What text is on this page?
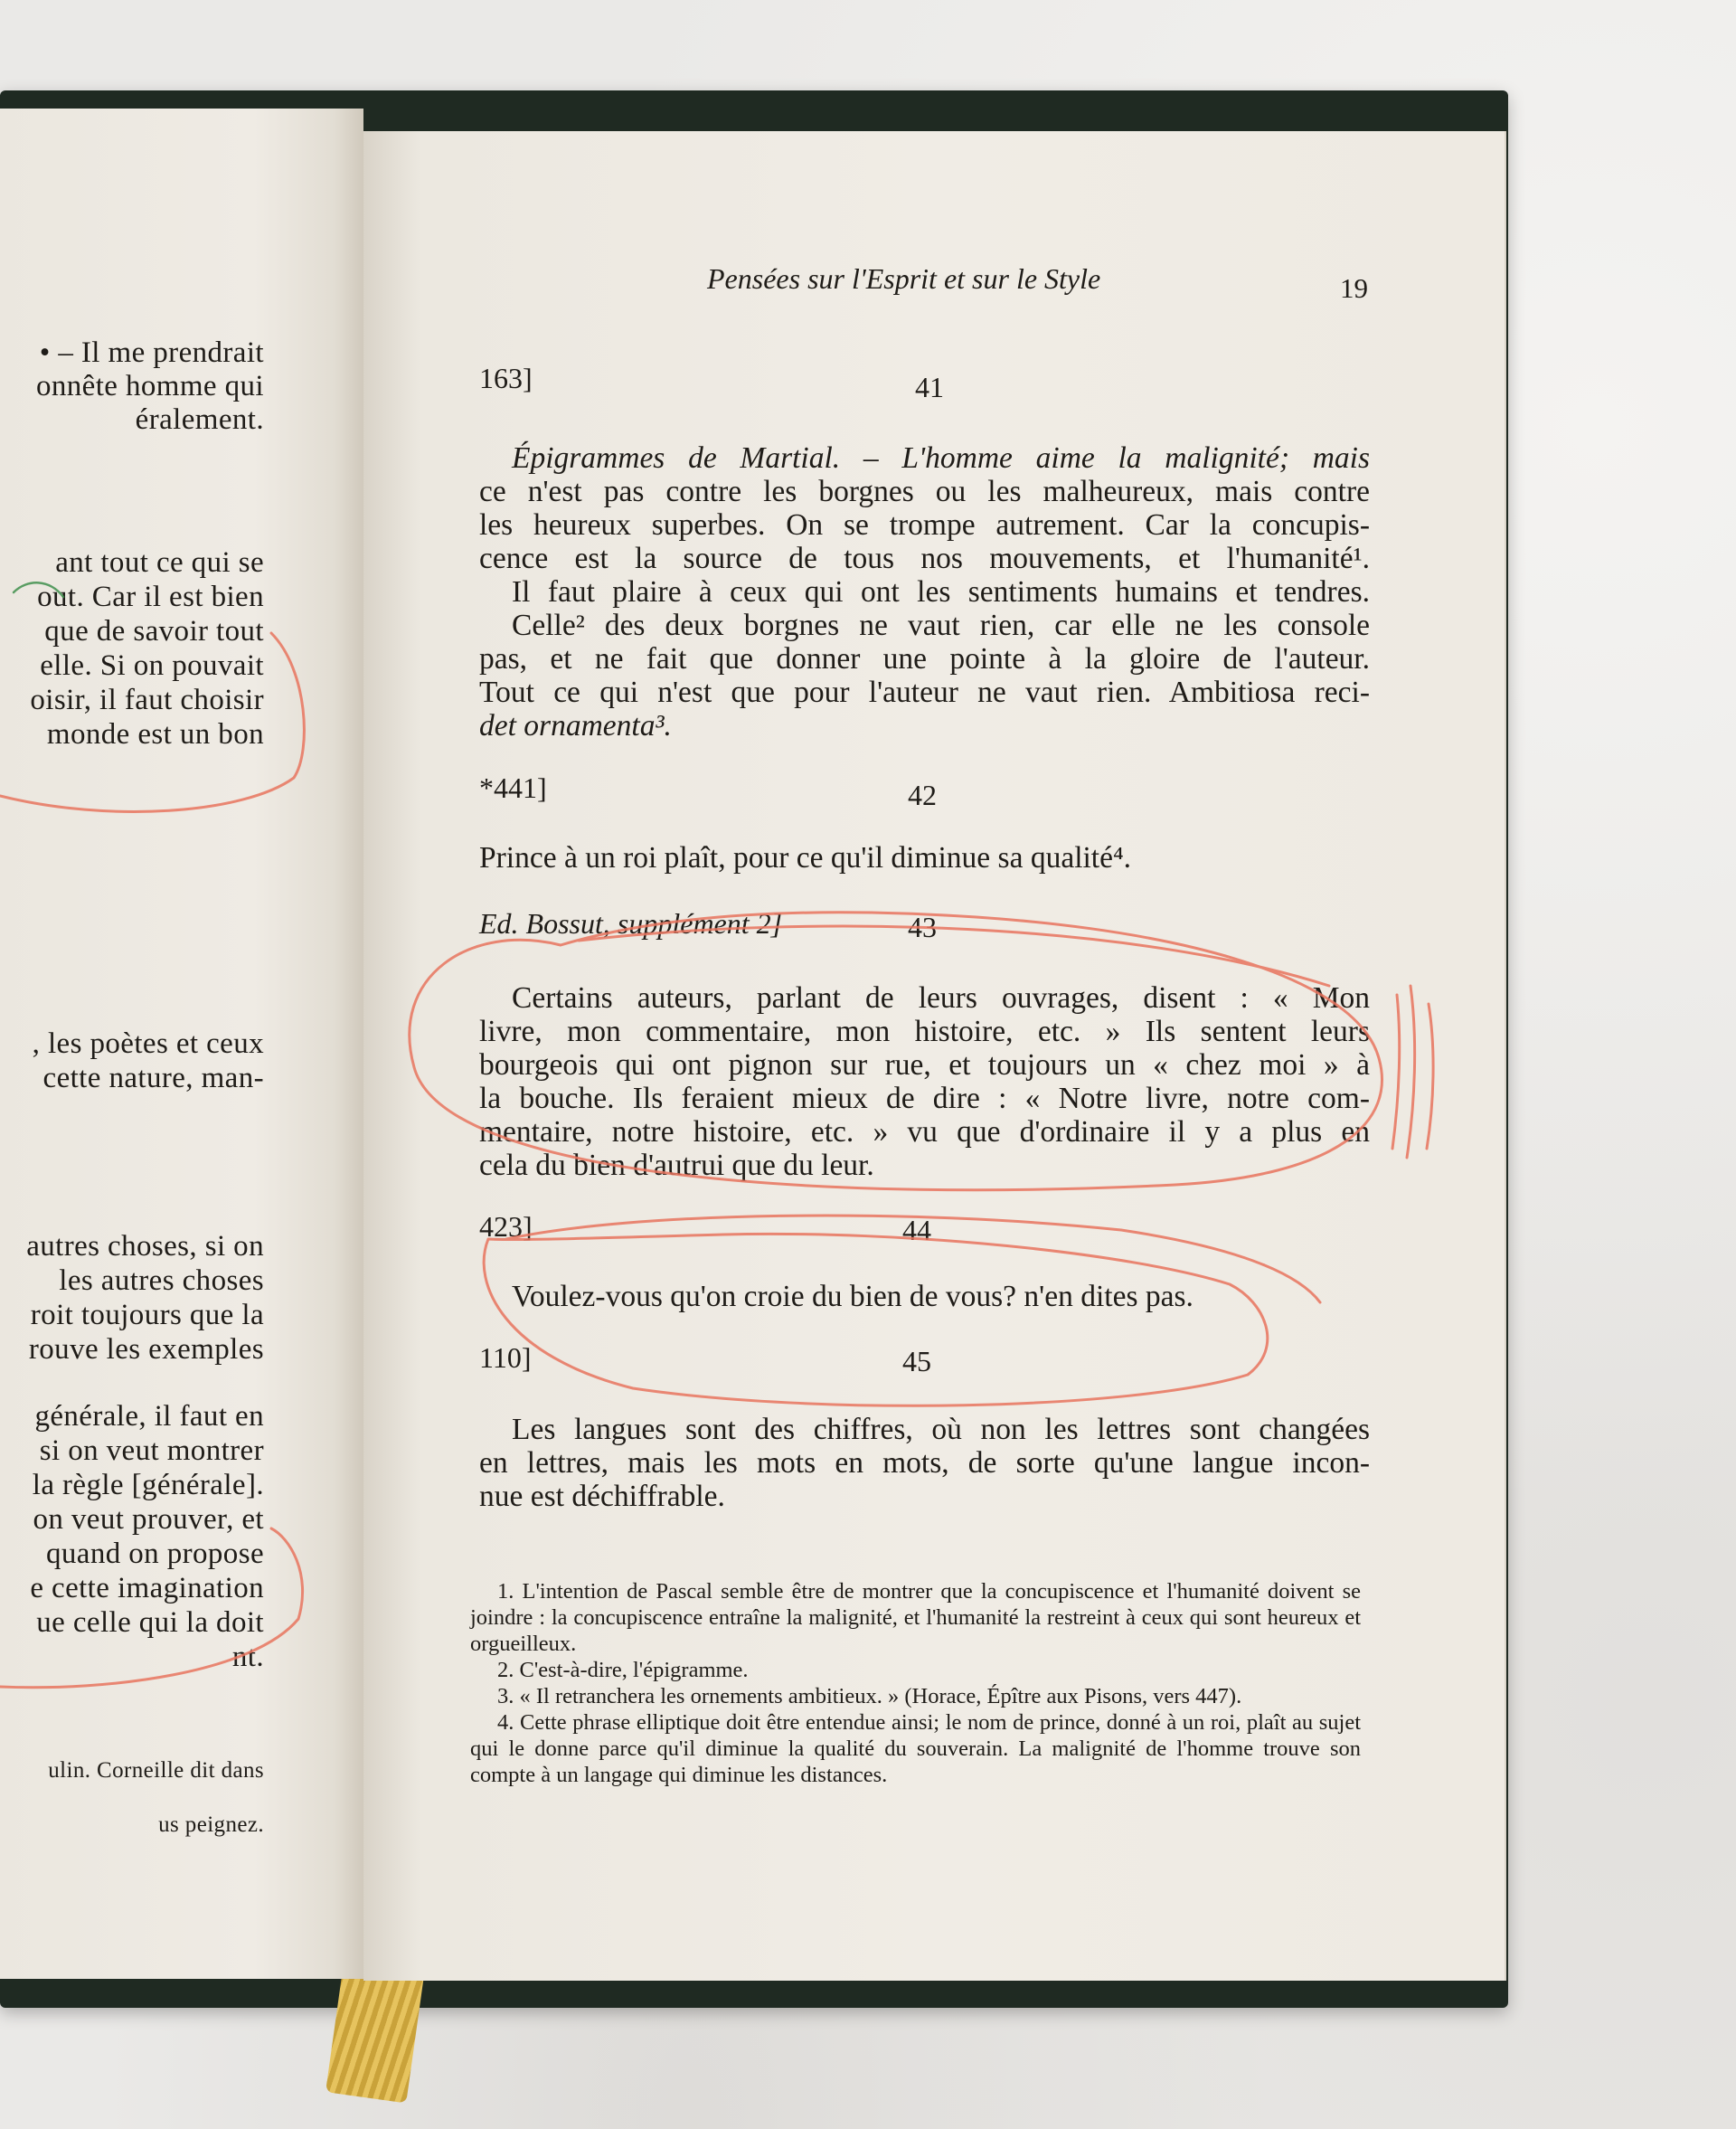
• – Il me prendrait
onnête homme qui
éralement.
ant tout ce qui se
out. Car il est bien
que de savoir tout
elle. Si on pouvait
oisir, il faut choisir
monde est un bon
, les poètes et ceux
cette nature, man-
autres choses, si on
les autres choses
roit toujours que la
rouve les exemples
générale, il faut en
si on veut montrer
la règle [générale].
on veut prouver, et
quand on propose
e cette imagination
ue celle qui la doit
nt.
ulin. Corneille dit dans
us peignez.
Pensées sur l'Esprit et sur le Style	19
163]	41
Épigrammes de Martial. – L'homme aime la malignité; mais
ce n'est pas contre les borgnes ou les malheureux, mais contre
les heureux superbes. On se trompe autrement. Car la concupis-
cence est la source de tous nos mouvements, et l'humanité¹.
Il faut plaire à ceux qui ont les sentiments humains et tendres.
Celle² des deux borgnes ne vaut rien, car elle ne les console
pas, et ne fait que donner une pointe à la gloire de l'auteur.
Tout ce qui n'est que pour l'auteur ne vaut rien. Ambitiosa reci-
det ornamenta³.
*441]	42
Prince à un roi plaît, pour ce qu'il diminue sa qualité⁴.
Ed. Bossut, supplément 2]	43
Certains auteurs, parlant de leurs ouvrages, disent : « Mon
livre, mon commentaire, mon histoire, etc. » Ils sentent leurs
bourgeois qui ont pignon sur rue, et toujours un « chez moi » à
la bouche. Ils feraient mieux de dire : « Notre livre, notre com-
mentaire, notre histoire, etc. » vu que d'ordinaire il y a plus en
cela du bien d'autrui que du leur.
423]	44
Voulez-vous qu'on croie du bien de vous? n'en dites pas.
110]	45
Les langues sont des chiffres, où non les lettres sont changées
en lettres, mais les mots en mots, de sorte qu'une langue incon-
nue est déchiffrable.
1. L'intention de Pascal semble être de montrer que la concupiscence et l'humanité doivent se joindre : la concupiscence entraîne la malignité, et l'humanité la restreint à ceux qui sont heureux et orgueilleux.
2. C'est-à-dire, l'épigramme.
3. « Il retranchera les ornements ambitieux. » (Horace, Épître aux Pisons, vers 447).
4. Cette phrase elliptique doit être entendue ainsi; le nom de prince, donné à un roi, plaît au sujet qui le donne parce qu'il diminue la qualité du souverain. La malignité de l'homme trouve son compte à un langage qui diminue les distances.
